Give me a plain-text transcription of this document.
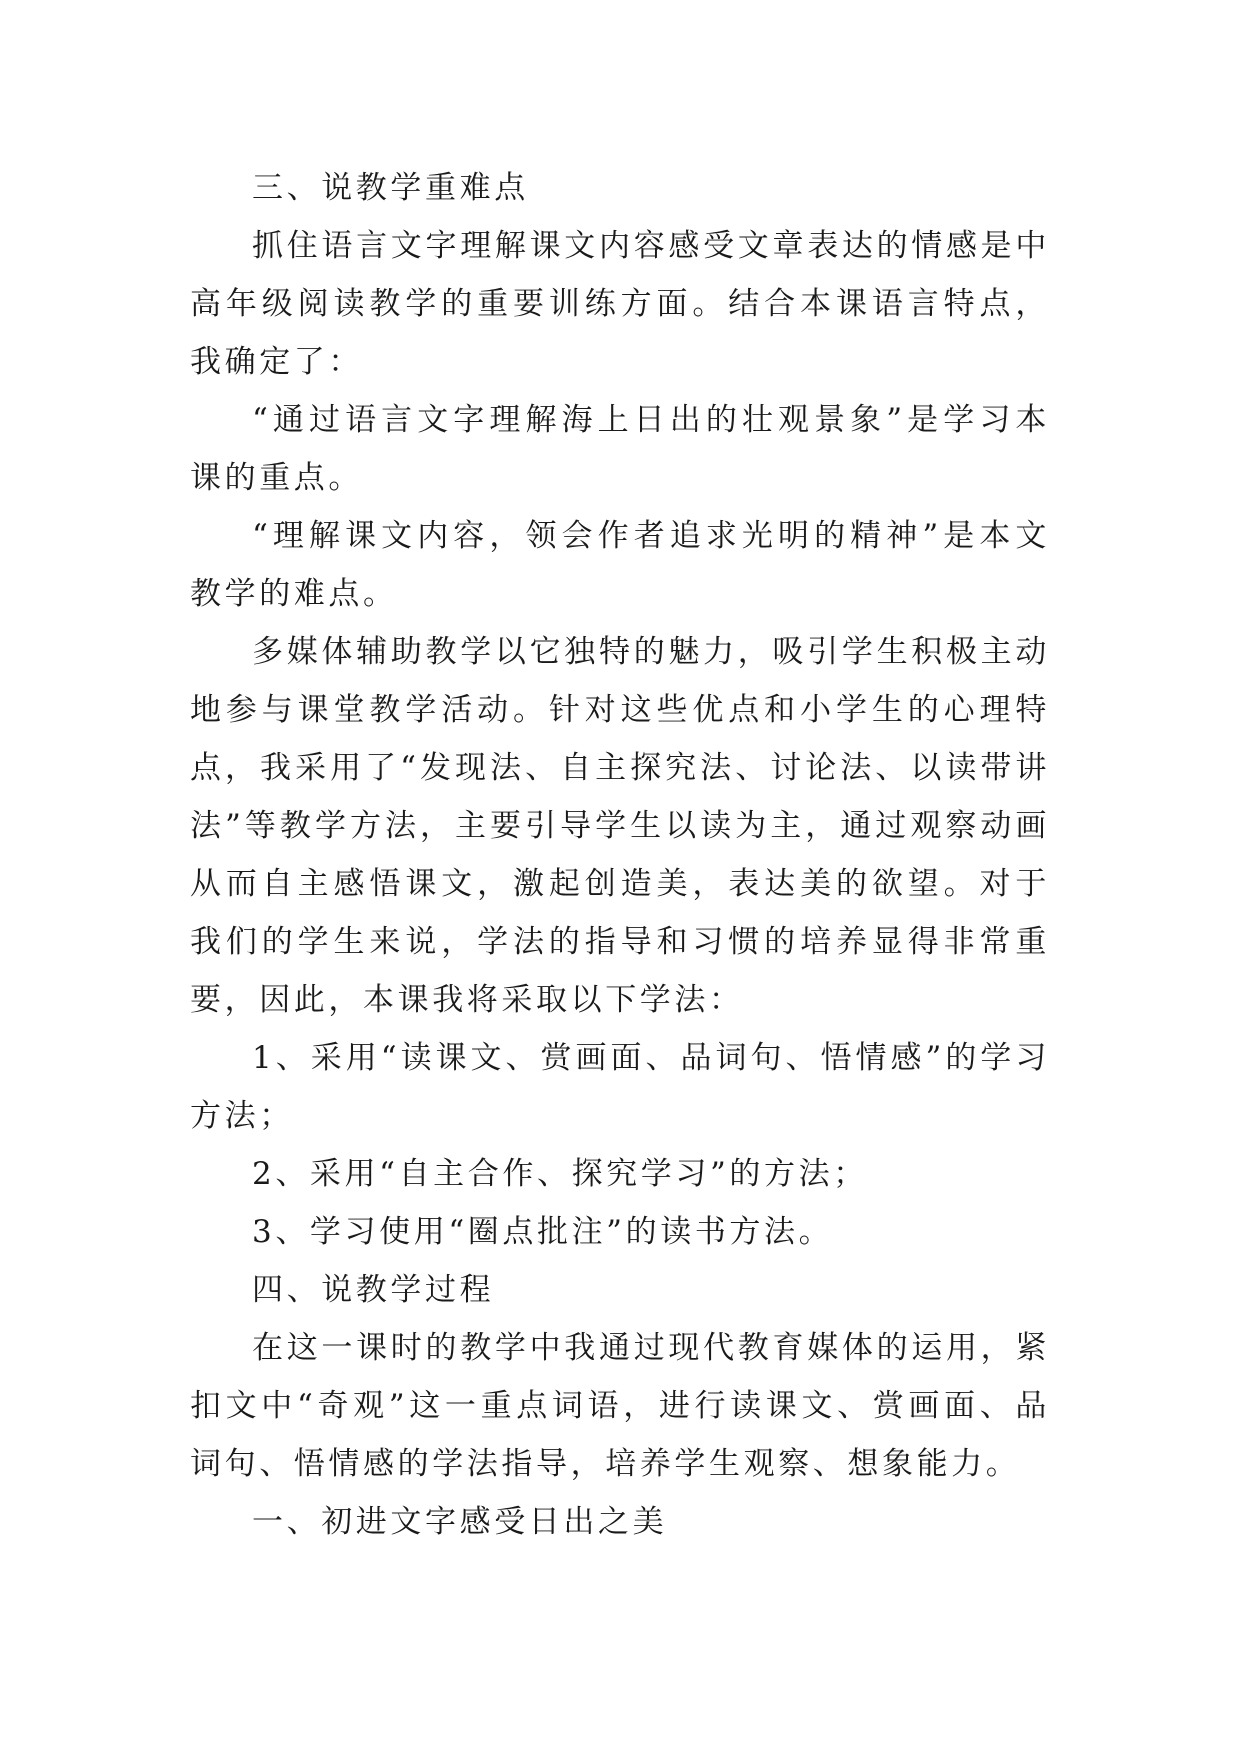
三、说教学重难点

抓住语言文字理解课文内容感受文章表达的情感是中高年级阅读教学的重要训练方面。结合本课语言特点，我确定了：

“通过语言文字理解海上日出的壮观景象”是学习本课的重点。

“理解课文内容，领会作者追求光明的精神”是本文教学的难点。

多媒体辅助教学以它独特的魅力，吸引学生积极主动地参与课堂教学活动。针对这些优点和小学生的心理特点，我采用了“发现法、自主探究法、讨论法、以读带讲法”等教学方法，主要引导学生以读为主，通过观察动画从而自主感悟课文，激起创造美，表达美的欲望。对于我们的学生来说，学法的指导和习惯的培养显得非常重要，因此，本课我将采取以下学法：

1、采用“读课文、赏画面、品词句、悟情感”的学习方法；

2、采用“自主合作、探究学习”的方法；

3、学习使用“圈点批注”的读书方法。

四、说教学过程

在这一课时的教学中我通过现代教育媒体的运用，紧扣文中“奇观”这一重点词语，进行读课文、赏画面、品词句、悟情感的学法指导，培养学生观察、想象能力。

一、初进文字感受日出之美
